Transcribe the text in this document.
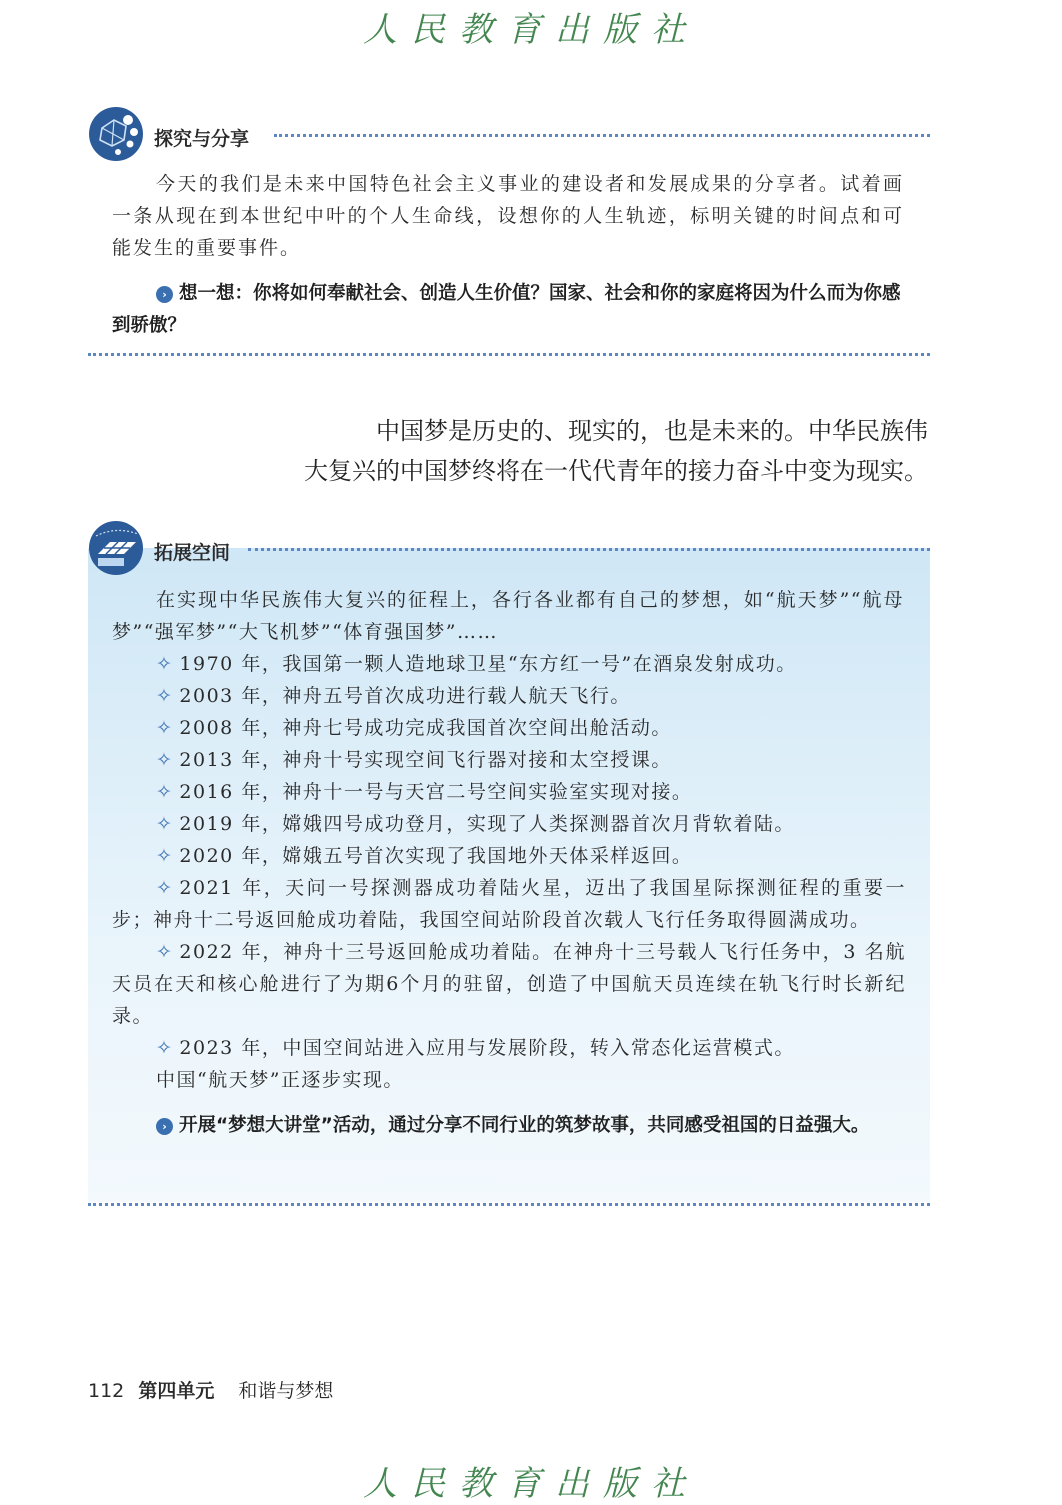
人民教育出版社
探究与分享
今天的我们是未来中国特色社会主义事业的建设者和发展成果的分享者。试着画一条从现在到本世纪中叶的个人生命线，设想你的人生轨迹，标明关键的时间点和可能发生的重要事件。
› 想一想：你将如何奉献社会、创造人生价值？国家、社会和你的家庭将因为什么而为你感到骄傲？
中国梦是历史的、现实的，也是未来的。中华民族伟
大复兴的中国梦终将在一代代青年的接力奋斗中变为现实。
拓展空间
在实现中华民族伟大复兴的征程上，各行各业都有自己的梦想，如“航天梦”“航母梦”“强军梦”“大飞机梦”“体育强国梦”……
✧ 1970 年，我国第一颗人造地球卫星“东方红一号”在酒泉发射成功。
✧ 2003 年，神舟五号首次成功进行载人航天飞行。
✧ 2008 年，神舟七号成功完成我国首次空间出舱活动。
✧ 2013 年，神舟十号实现空间飞行器对接和太空授课。
✧ 2016 年，神舟十一号与天宫二号空间实验室实现对接。
✧ 2019 年，嫦娥四号成功登月，实现了人类探测器首次月背软着陆。
✧ 2020 年，嫦娥五号首次实现了我国地外天体采样返回。
✧ 2021 年，天问一号探测器成功着陆火星，迈出了我国星际探测征程的重要一步；神舟十二号返回舱成功着陆，我国空间站阶段首次载人飞行任务取得圆满成功。
✧ 2022 年，神舟十三号返回舱成功着陆。在神舟十三号载人飞行任务中，3 名航天员在天和核心舱进行了为期6个月的驻留，创造了中国航天员连续在轨飞行时长新纪录。
✧ 2023 年，中国空间站进入应用与发展阶段，转入常态化运营模式。
中国“航天梦”正逐步实现。
› 开展“梦想大讲堂”活动，通过分享不同行业的筑梦故事，共同感受祖国的日益强大。
112 第四单元 和谐与梦想
人民教育出版社
